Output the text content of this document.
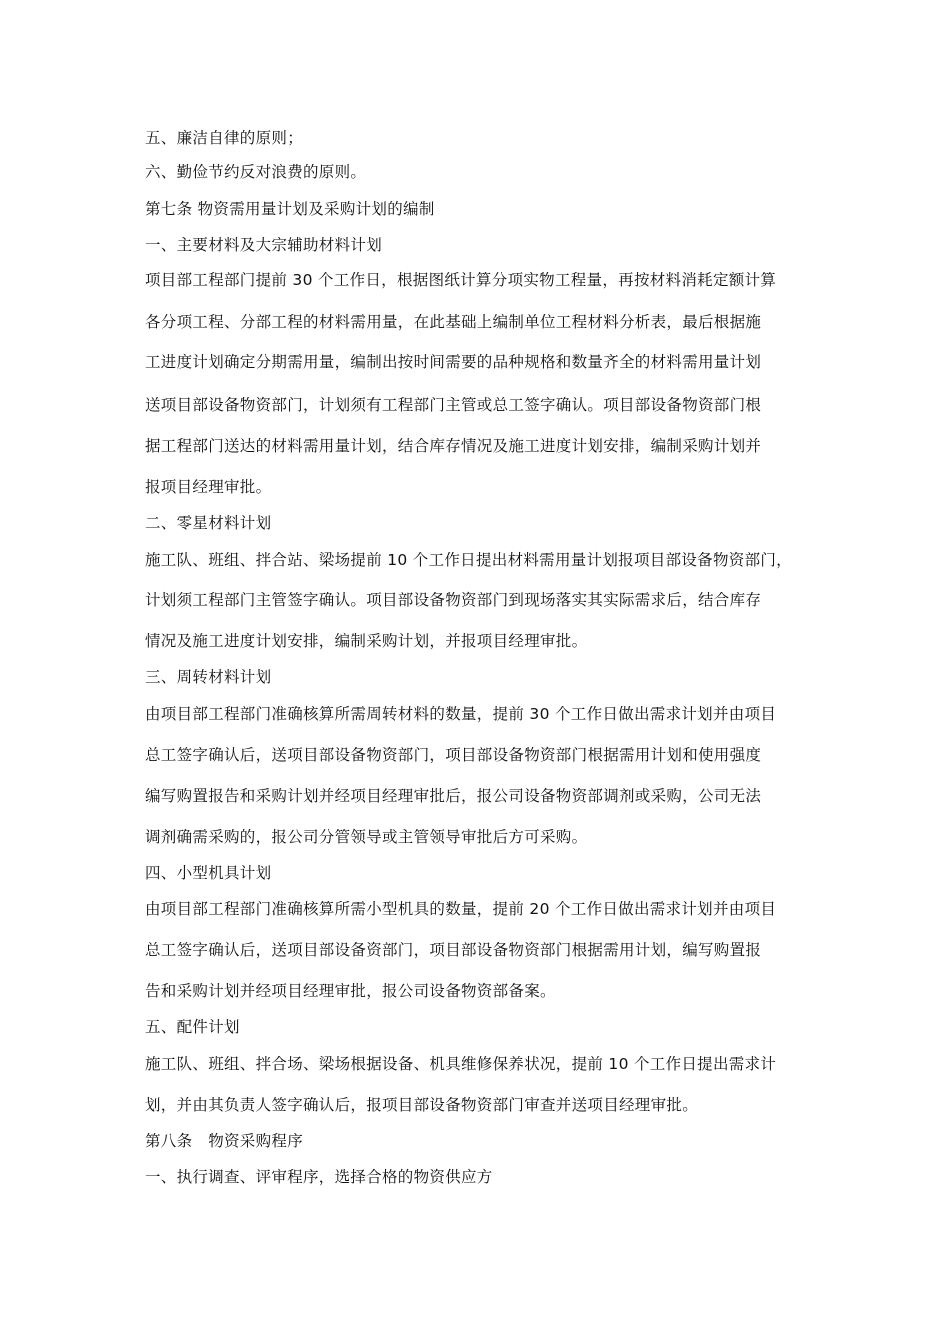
五、廉洁自律的原则；
六、勤俭节约反对浪费的原则。
第七条 物资需用量计划及采购计划的编制
一、主要材料及大宗辅助材料计划
项目部工程部门提前 30 个工作日，根据图纸计算分项实物工程量，再按材料消耗定额计算
各分项工程、分部工程的材料需用量，在此基础上编制单位工程材料分析表，最后根据施
工进度计划确定分期需用量，编制出按时间需要的品种规格和数量齐全的材料需用量计划
送项目部设备物资部门，计划须有工程部门主管或总工签字确认。项目部设备物资部门根
据工程部门送达的材料需用量计划，结合库存情况及施工进度计划安排，编制采购计划并
报项目经理审批。
二、零星材料计划
施工队、班组、拌合站、梁场提前 10 个工作日提出材料需用量计划报项目部设备物资部门，
计划须工程部门主管签字确认。项目部设备物资部门到现场落实其实际需求后，结合库存
情况及施工进度计划安排，编制采购计划，并报项目经理审批。
三、周转材料计划
由项目部工程部门准确核算所需周转材料的数量，提前 30 个工作日做出需求计划并由项目
总工签字确认后，送项目部设备物资部门，项目部设备物资部门根据需用计划和使用强度
编写购置报告和采购计划并经项目经理审批后，报公司设备物资部调剂或采购，公司无法
调剂确需采购的，报公司分管领导或主管领导审批后方可采购。
四、小型机具计划
由项目部工程部门准确核算所需小型机具的数量，提前 20 个工作日做出需求计划并由项目
总工签字确认后，送项目部设备资部门，项目部设备物资部门根据需用计划，编写购置报
告和采购计划并经项目经理审批，报公司设备物资部备案。
五、配件计划
施工队、班组、拌合场、梁场根据设备、机具维修保养状况，提前 10 个工作日提出需求计
划，并由其负责人签字确认后，报项目部设备物资部门审查并送项目经理审批。
第八条　物资采购程序
一、执行调查、评审程序，选择合格的物资供应方
